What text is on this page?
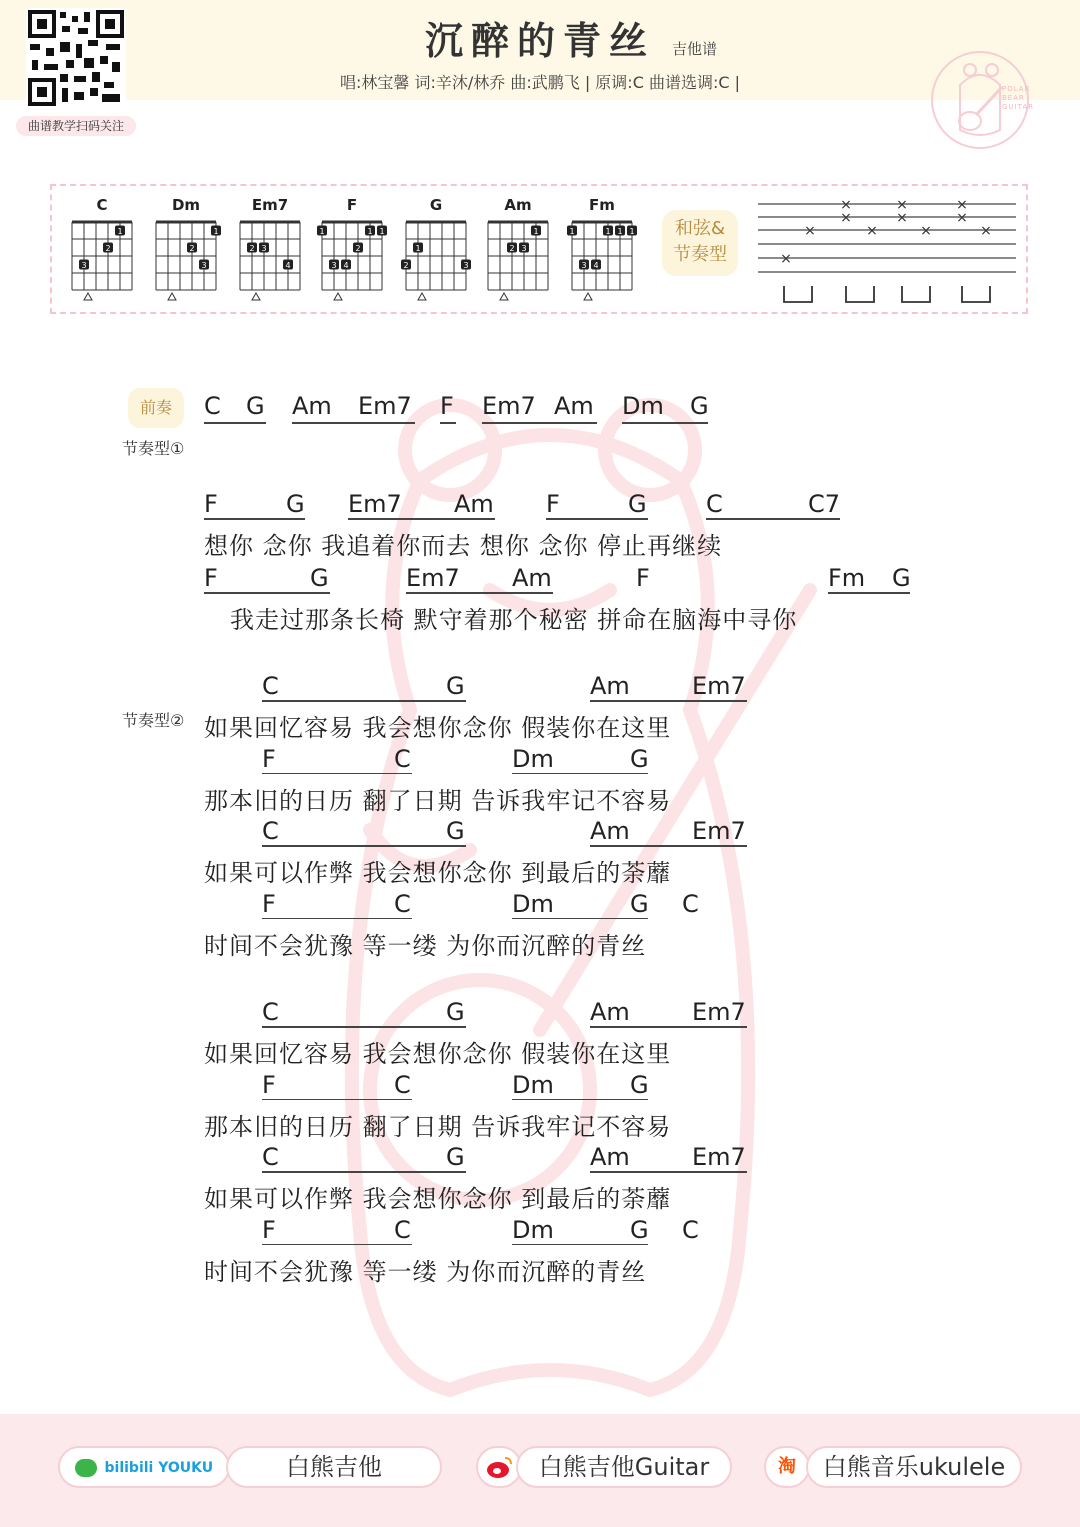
曲谱教学扫码关注
沉醉的青丝	吉他谱
唱:林宝馨 词:辛沐/林乔 曲:武鹏飞 | 原调:C 曲谱选调:C |	POLAR BEAR GUITAR
C
1
2
3
Dm
1
2
3
Em7
2 3
4
F
1	1 1
2
3 4
G
1
2	3
Am
1
2 3
Fm
1	1 1 1
3 4
和弦&
节奏型
×
×
×
×
×
×
×	×	×	×
×
前奏
节奏型①
节奏型②
C G Am Em7 F Em7 Am Dm G
F	G Em7 Am F	G C	C7
想你 念你 我追着你而去 想你 念你 停止再继续
F	G	Em7 Am	F	Fm G
我走过那条长椅 默守着那个秘密 拼命在脑海中寻你
C	G	Am	Em7
如果回忆容易 我会想你念你 假装你在这里
F	C	Dm	G
那本旧的日历 翻了日期 告诉我牢记不容易
C	G	Am	Em7
如果可以作弊 我会想你念你 到最后的荼蘼
F	C	Dm	G C
时间不会犹豫 等一缕 为你而沉醉的青丝
C	G	Am	Em7
如果回忆容易 我会想你念你 假装你在这里
F	C	Dm	G
那本旧的日历 翻了日期 告诉我牢记不容易
C	G	Am	Em7
如果可以作弊 我会想你念你 到最后的荼蘼
F	C	Dm	G C
时间不会犹豫 等一缕 为你而沉醉的青丝
bilibili YOUKU	白熊吉他	白熊吉他Guitar	淘	白熊音乐ukulele
